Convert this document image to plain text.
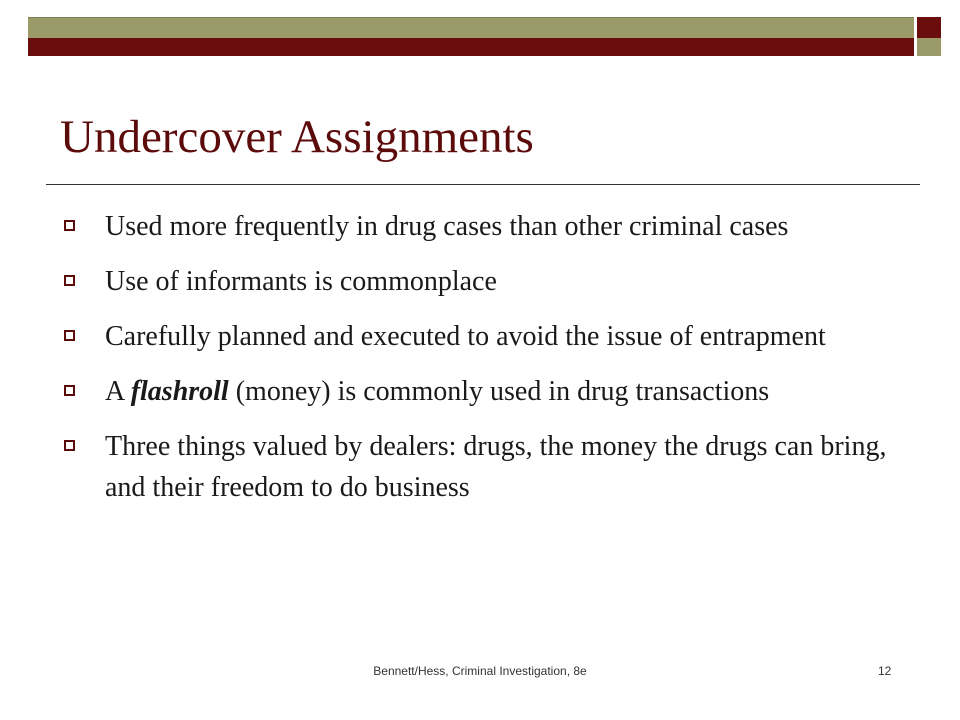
Undercover Assignments
Used more frequently in drug cases than other criminal cases
Use of informants is commonplace
Carefully planned and executed to avoid the issue of entrapment
A flashroll (money) is commonly used in drug transactions
Three things valued by dealers: drugs, the money the drugs can bring, and their freedom to do business
Bennett/Hess, Criminal Investigation, 8e	12
